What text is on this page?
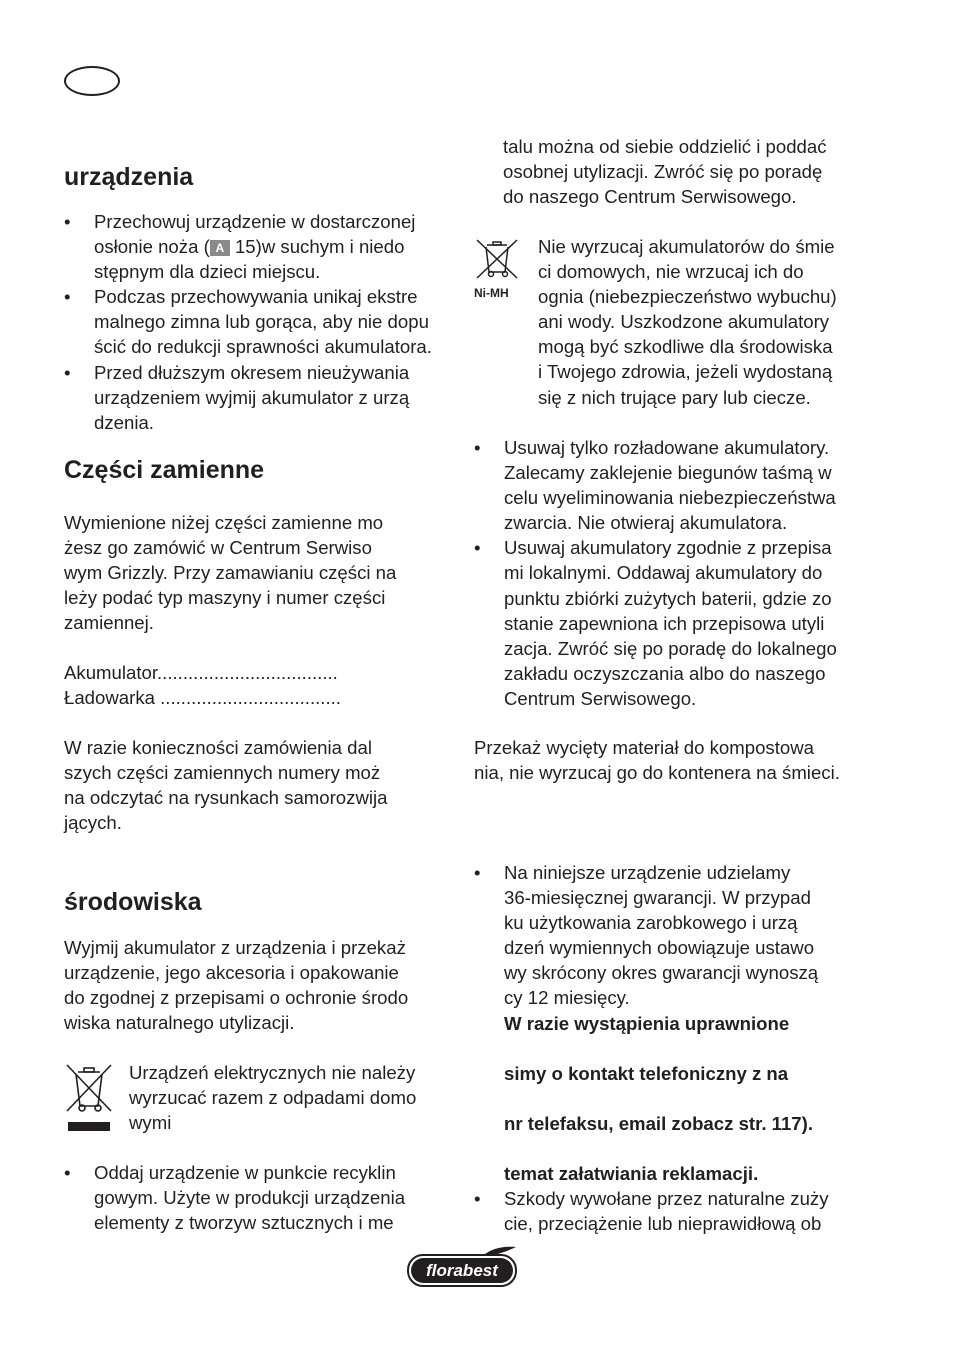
urządzenia
•	Przechowuj urządzenie w dostarczonej
osłonie noża ( A 15)w suchym i niedo
stępnym dla dzieci miejscu.
•	Podczas przechowywania unikaj ekstre
malnego zimna lub gorąca, aby nie dopu
ścić do redukcji sprawności akumulatora.
•	Przed dłuższym okresem nieużywania
urządzeniem wyjmij akumulator z urzą
dzenia.
Części zamienne
Wymienione niżej części zamienne mo
żesz go zamówić w Centrum Serwiso
wym Grizzly. Przy zamawianiu części na
leży podać typ maszyny i numer części
zamiennej.
Akumulator...................................
Ładowarka ...................................
W razie konieczności zamówienia dal
szych części zamiennych numery moż
na odczytać na rysunkach samorozwija
jących.
środowiska
Wyjmij akumulator z urządzenia i przekaż
urządzenie, jego akcesoria i opakowanie
do zgodnej z przepisami o ochronie środo
wiska naturalnego utylizacji.
Urządzeń elektrycznych nie należy
wyrzucać razem z odpadami domo
wymi
•	Oddaj urządzenie w punkcie recyklin
gowym. Użyte w produkcji urządzenia
elementy z tworzyw sztucznych i me
talu można od siebie oddzielić i poddać
osobnej utylizacji. Zwróć się po poradę
do naszego Centrum Serwisowego.
Ni-MH
Nie wyrzucaj akumulatorów do śmie
ci domowych, nie wrzucaj ich do
ognia (niebezpieczeństwo wybuchu)
ani wody. Uszkodzone akumulatory
mogą być szkodliwe dla środowiska
i Twojego zdrowia, jeżeli wydostaną
się z nich trujące pary lub ciecze.
•	Usuwaj tylko rozładowane akumulatory.
Zalecamy zaklejenie biegunów taśmą w
celu wyeliminowania niebezpieczeństwa
zwarcia. Nie otwieraj akumulatora.
•	Usuwaj akumulatory zgodnie z przepisa
mi lokalnymi. Oddawaj akumulatory do
punktu zbiórki zużytych baterii, gdzie zo
stanie zapewniona ich przepisowa utyli
zacja. Zwróć się po poradę do lokalnego
zakładu oczyszczania albo do naszego
Centrum Serwisowego.
Przekaż wycięty materiał do kompostowa
nia, nie wyrzucaj go do kontenera na śmieci.
•	Na niniejsze urządzenie udzielamy
36-miesięcznej gwarancji. W przypad
ku użytkowania zarobkowego i urzą
dzeń wymiennych obowiązuje ustawo
wy skrócony okres gwarancji wynoszą
cy 12 miesięcy.
W razie wystąpienia uprawnione
simy o kontakt telefoniczny z na
nr telefaksu, email zobacz str. 117).
temat załatwiania reklamacji.
•	Szkody wywołane przez naturalne zuży
cie, przeciążenie lub nieprawidłową ob
florabest
